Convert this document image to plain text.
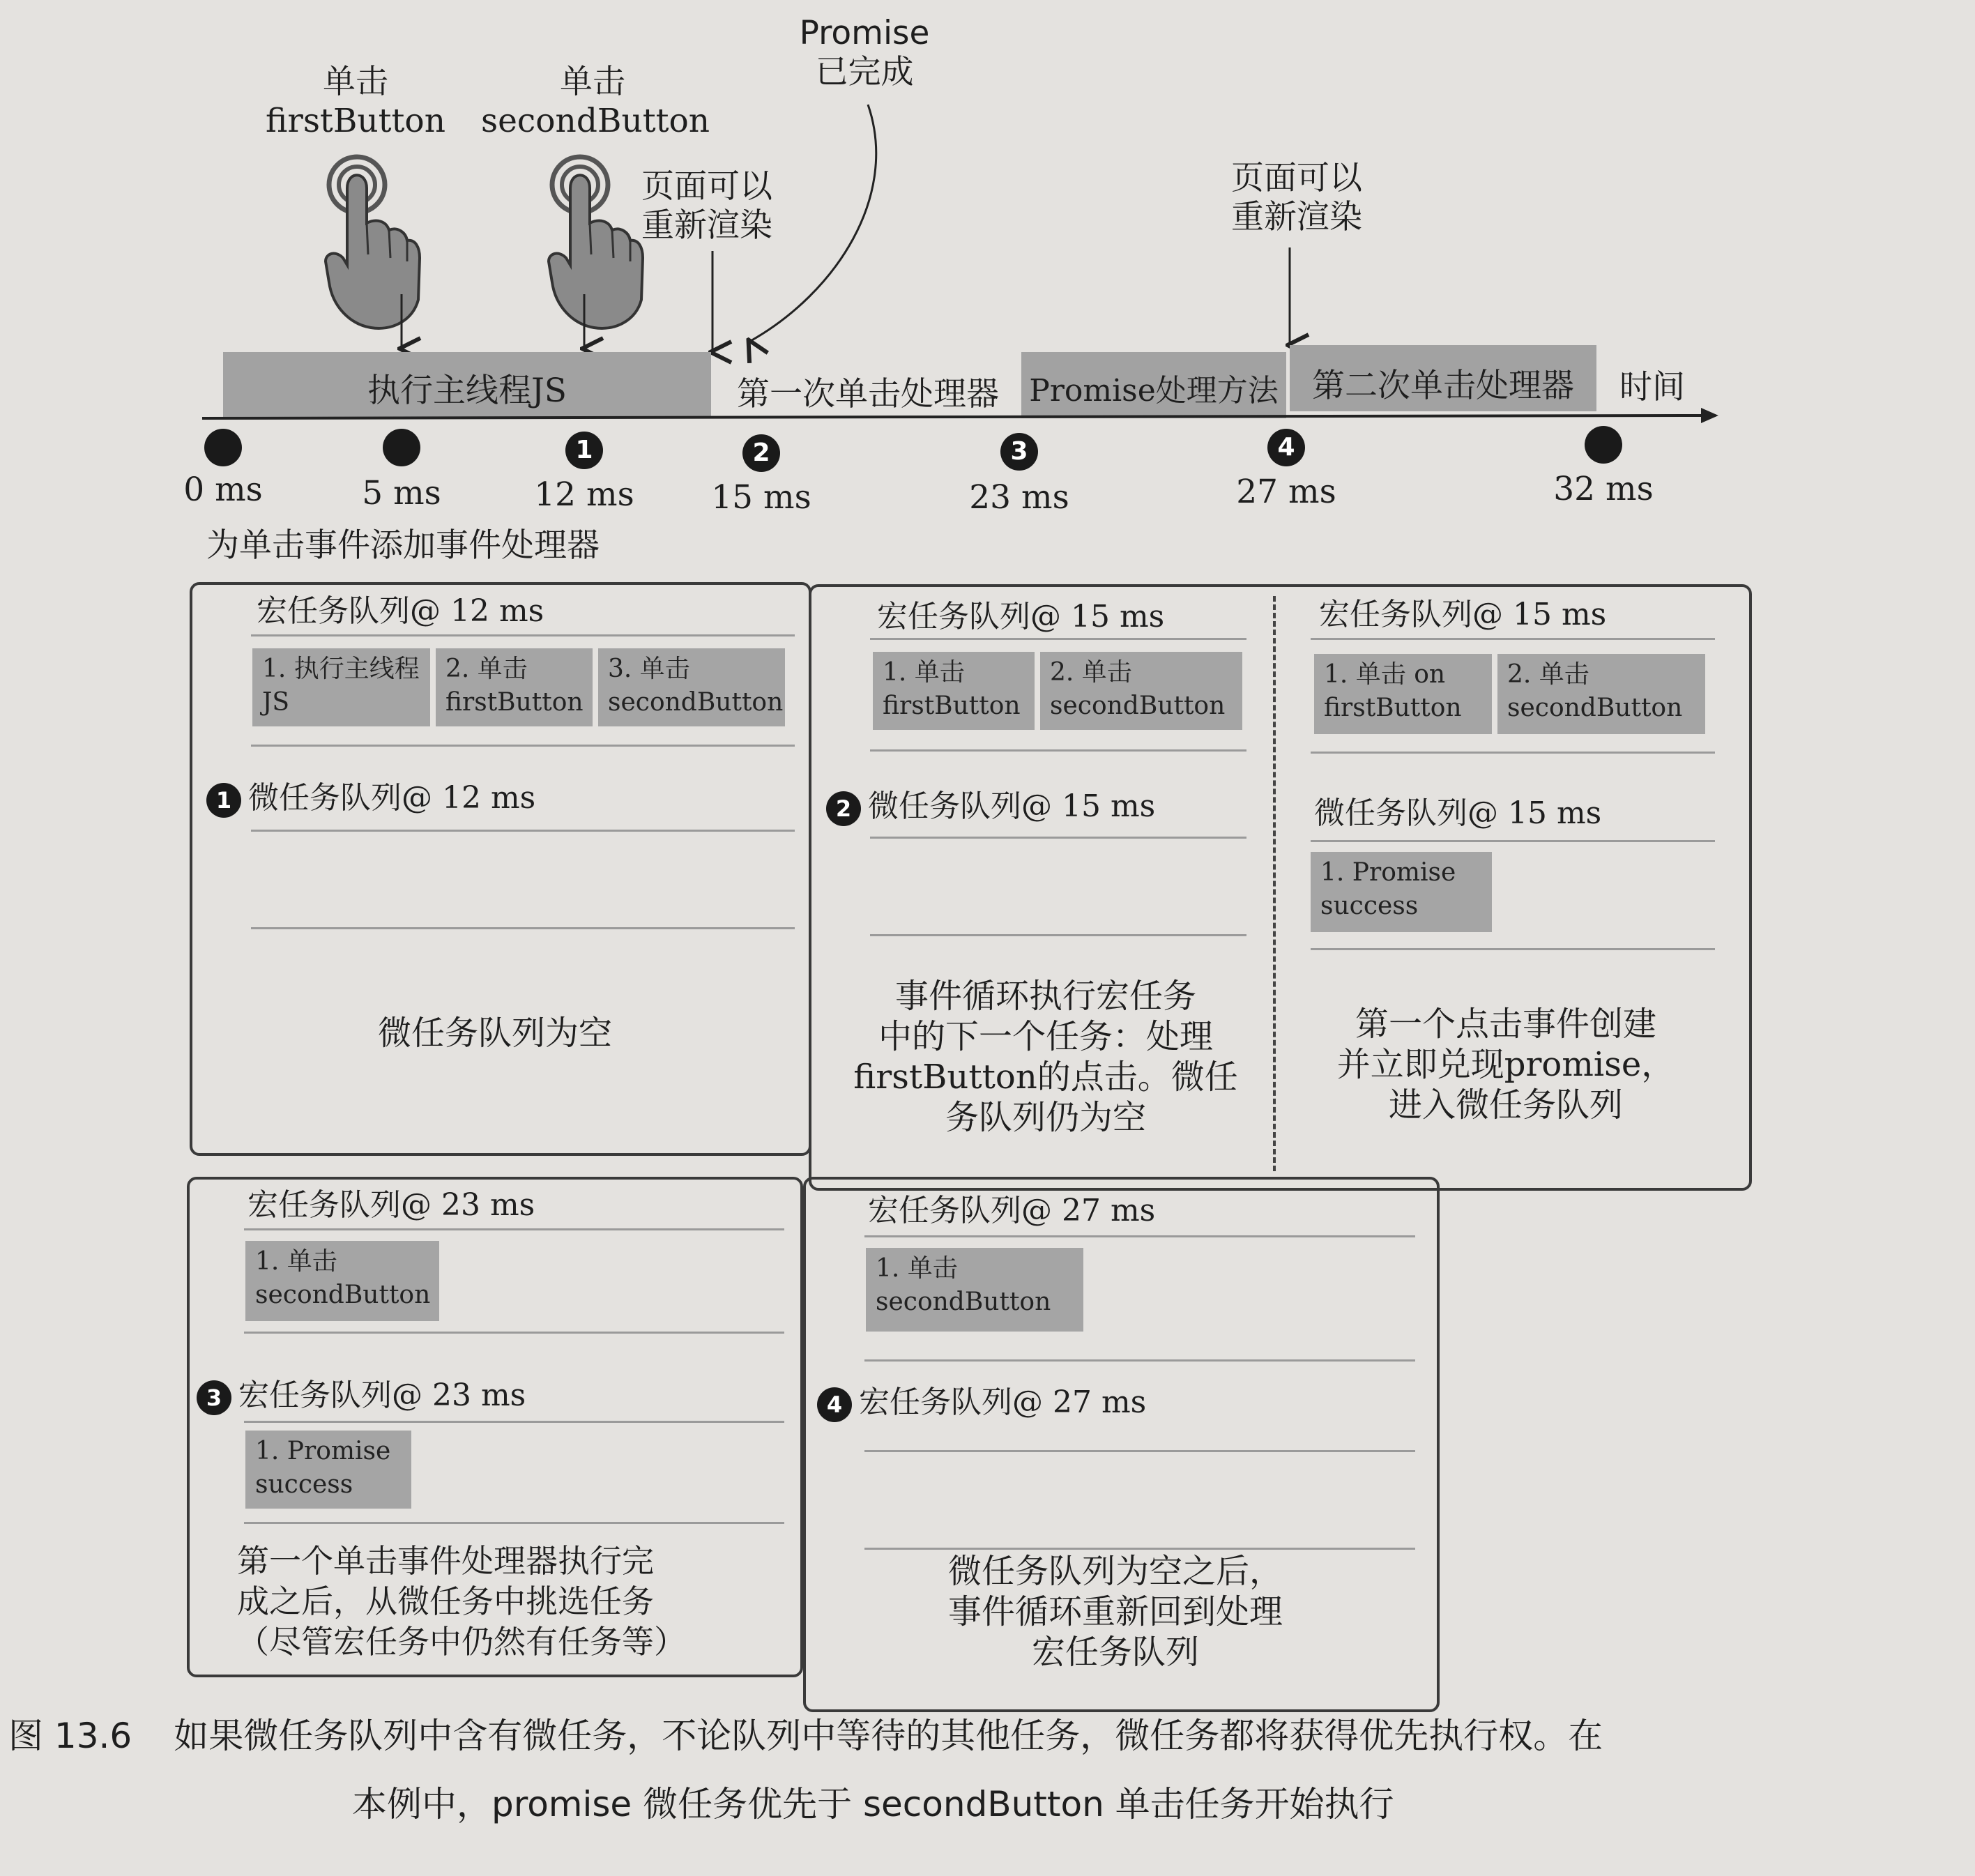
单击
firstButton
单击
secondButton
Promise
已完成
页面可以
重新渲染
页面可以
重新渲染
执行主线程JS	第一次单击处理器 Promise处理方法	第二次单击处理器	时间
1	2	3	4
0 ms	5 ms	12 ms	15 ms	23 ms	27 ms	32 ms
为单击事件添加事件处理器
宏任务队列@ 12 ms
1. 执行主线程
JS
2. 单击
firstButton
3. 单击
secondButton
1 微任务队列@ 12 ms
微任务队列为空
宏任务队列@ 15 ms
1. 单击
firstButton
2. 单击
secondButton
2 微任务队列@ 15 ms
事件循环执行宏任务
中的下一个任务：处理
firstButton的点击。微任
务队列仍为空
宏任务队列@ 15 ms
1. 单击 on
firstButton
2. 单击
secondButton
微任务队列@ 15 ms
1. Promise
success
第一个点击事件创建
并立即兑现promise，
进入微任务队列
宏任务队列@ 23 ms
1. 单击
secondButton
3 宏任务队列@ 23 ms
1. Promise
success
第一个单击事件处理器执行完
成之后，从微任务中挑选任务
（尽管宏任务中仍然有任务等）
宏任务队列@ 27 ms
1. 单击
secondButton
4 宏任务队列@ 27 ms
微任务队列为空之后，
事件循环重新回到处理
宏任务队列
图 13.6 如果微任务队列中含有微任务，不论队列中等待的其他任务，微任务都将获得优先执行权。在
本例中，promise 微任务优先于 secondButton 单击任务开始执行
